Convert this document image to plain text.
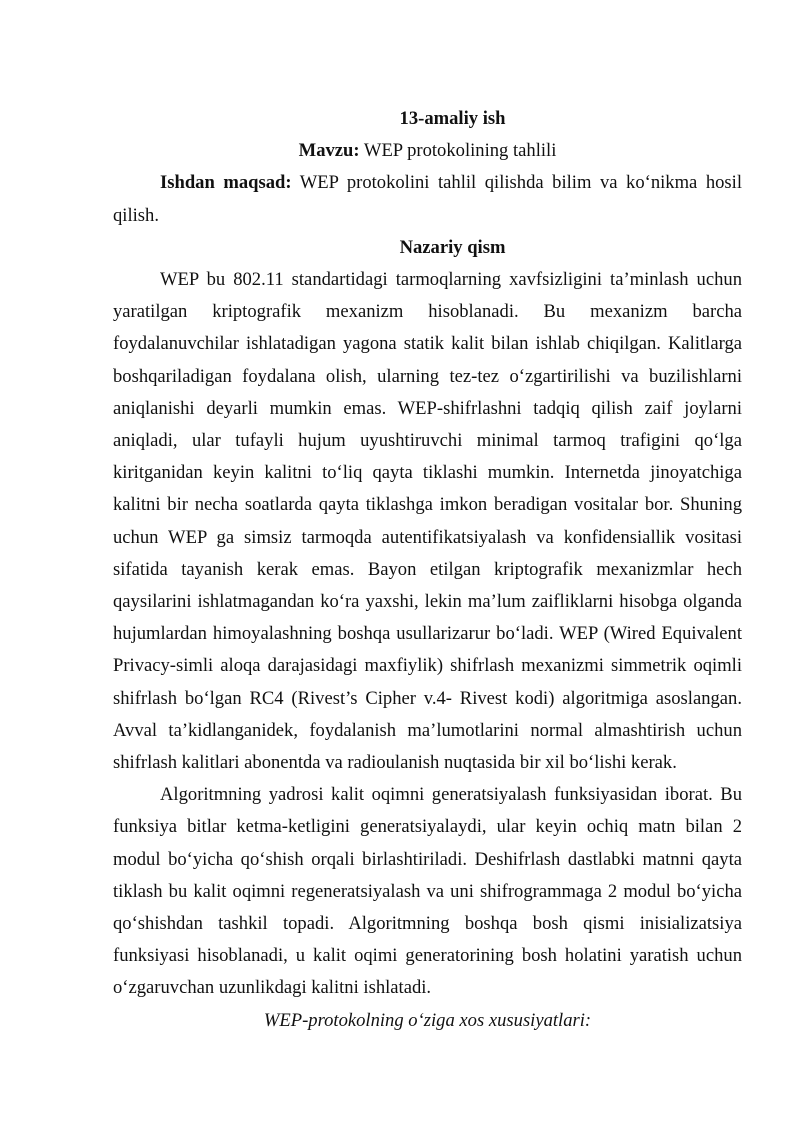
13-amaliy ish

Mavzu: WEP protokolining tahlili

Ishdan maqsad: WEP protokolini tahlil qilishda bilim va ko‘nikma hosil qilish.

Nazariy qism

WEP bu 802.11 standartidagi tarmoqlarning xavfsizligini ta’minlash uchun yaratilgan kriptografik mexanizm hisoblanadi. Bu mexanizm barcha foydalanuvchilar ishlatadigan yagona statik kalit bilan ishlab chiqilgan. Kalitlarga boshqariladigan foydalana olish, ularning tez-tez o‘zgartirilishi va buzilishlarni aniqlanishi deyarli mumkin emas. WEP-shifrlashni tadqiq qilish zaif joylarni aniqladi, ular tufayli hujum uyushtiruvchi minimal tarmoq trafigini qo‘lga kiritganidan keyin kalitni to‘liq qayta tiklashi mumkin. Internetda jinoyatchiga kalitni bir necha soatlarda qayta tiklashga imkon beradigan vositalar bor. Shuning uchun WEP ga simsiz tarmoqda autentifikatsiyalash va konfidensiallik vositasi sifatida tayanish kerak emas. Bayon etilgan kriptografik mexanizmlar hech qaysilarini ishlatmagandan ko‘ra yaxshi, lekin ma’lum zaifliklarni hisobga olganda hujumlardan himoyalashning boshqa usullarizarur bo‘ladi. WEP (Wired Equivalent Privacy-simli aloqa darajasidagi maxfiylik) shifrlash mexanizmi simmetrik oqimli shifrlash bo‘lgan RC4 (Rivest’s Cipher v.4- Rivest kodi) algoritmiga asoslangan. Avval ta’kidlanganidek, foydalanish ma’lumotlarini normal almashtirish uchun shifrlash kalitlari abonentda va radioulanish nuqtasida bir xil bo‘lishi kerak.

Algoritmning yadrosi kalit oqimni generatsiyalash funksiyasidan iborat. Bu funksiya bitlar ketma-ketligini generatsiyalaydi, ular keyin ochiq matn bilan 2 modul bo‘yicha qo‘shish orqali birlashtiriladi. Deshifrlash dastlabki matnni qayta tiklash bu kalit oqimni regeneratsiyalash va uni shifrogrammaga 2 modul bo‘yicha qo‘shishdan tashkil topadi. Algoritmning boshqa bosh qismi inisializatsiya funksiyasi hisoblanadi, u kalit oqimi generatorining bosh holatini yaratish uchun o‘zgaruvchan uzunlikdagi kalitni ishlatadi.

WEP-protokolning o‘ziga xos xususiyatlari:
